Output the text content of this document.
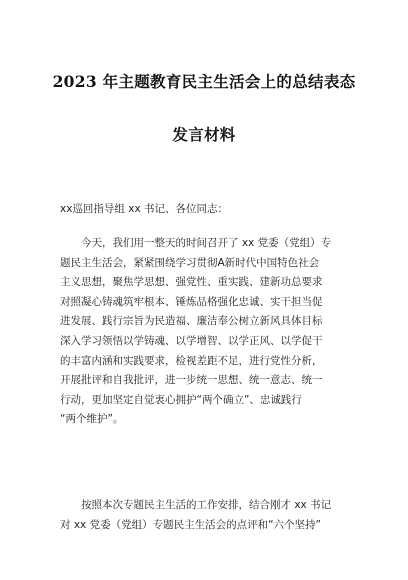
2023 年主题教育民主生活会上的总结表态
发言材料
xx巡回指导组 xx 书记、各位同志：
　　今天，我们用一整天的时间召开了 xx 党委（党组）专
题民主生活会，紧紧围绕学习贯彻A新时代中国特色社会
主义思想，聚焦学思想、强党性、重实践、建新功总要求
对照凝心铸魂筑牢根本、锤炼品格强化忠诚、实干担当促
进发展、践行宗旨为民造福、廉洁奉公树立新风具体目标
深入学习领悟以学铸魂、以学增智、以学正风、以学促干
的丰富内涵和实践要求，检视差距不足，进行党性分析，
开展批评和自我批评，进一步统一思想、统一意志、统一
行动，更加坚定自觉衷心拥护“两个确立”、忠诚践行
“两个维护”。
　　按照本次专题民主生活的工作安排，结合刚才 xx 书记
对 xx 党委（党组）专题民主生活会的点评和“六个坚持”
